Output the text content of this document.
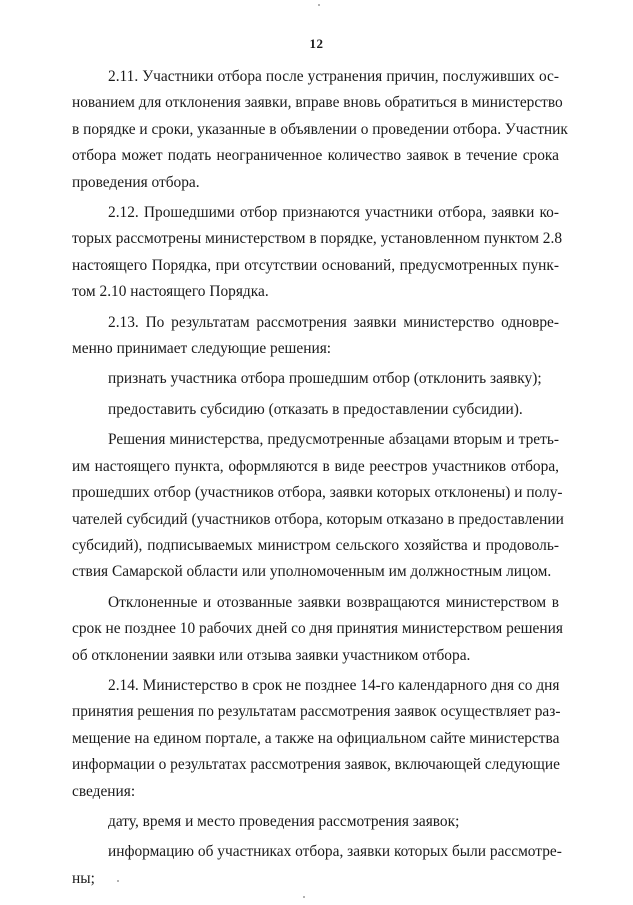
12
2.11. Участники отбора после устранения причин, послуживших ос-
нованием для отклонения заявки, вправе вновь обратиться в министерство
в порядке и сроки, указанные в объявлении о проведении отбора. Участник
отбора может подать неограниченное количество заявок в течение срока
проведения отбора.
2.12. Прошедшими отбор признаются участники отбора, заявки ко-
торых рассмотрены министерством в порядке, установленном пунктом 2.8
настоящего Порядка, при отсутствии оснований, предусмотренных пунк-
том 2.10 настоящего Порядка.
2.13. По результатам рассмотрения заявки министерство одновре-
менно принимает следующие решения:
признать участника отбора прошедшим отбор (отклонить заявку);
предоставить субсидию (отказать в предоставлении субсидии).
Решения министерства, предусмотренные абзацами вторым и треть-
им настоящего пункта, оформляются в виде реестров участников отбора,
прошедших отбор (участников отбора, заявки которых отклонены) и полу-
чателей субсидий (участников отбора, которым отказано в предоставлении
субсидий), подписываемых министром сельского хозяйства и продоволь-
ствия Самарской области или уполномоченным им должностным лицом.
Отклоненные и отозванные заявки возвращаются министерством в
срок не позднее 10 рабочих дней со дня принятия министерством решения
об отклонении заявки или отзыва заявки участником отбора.
2.14. Министерство в срок не позднее 14-го календарного дня со дня
принятия решения по результатам рассмотрения заявок осуществляет раз-
мещение на едином портале, а также на официальном сайте министерства
информации о результатах рассмотрения заявок, включающей следующие
сведения:
дату, время и место проведения рассмотрения заявок;
информацию об участниках отбора, заявки которых были рассмотре-
ны;
